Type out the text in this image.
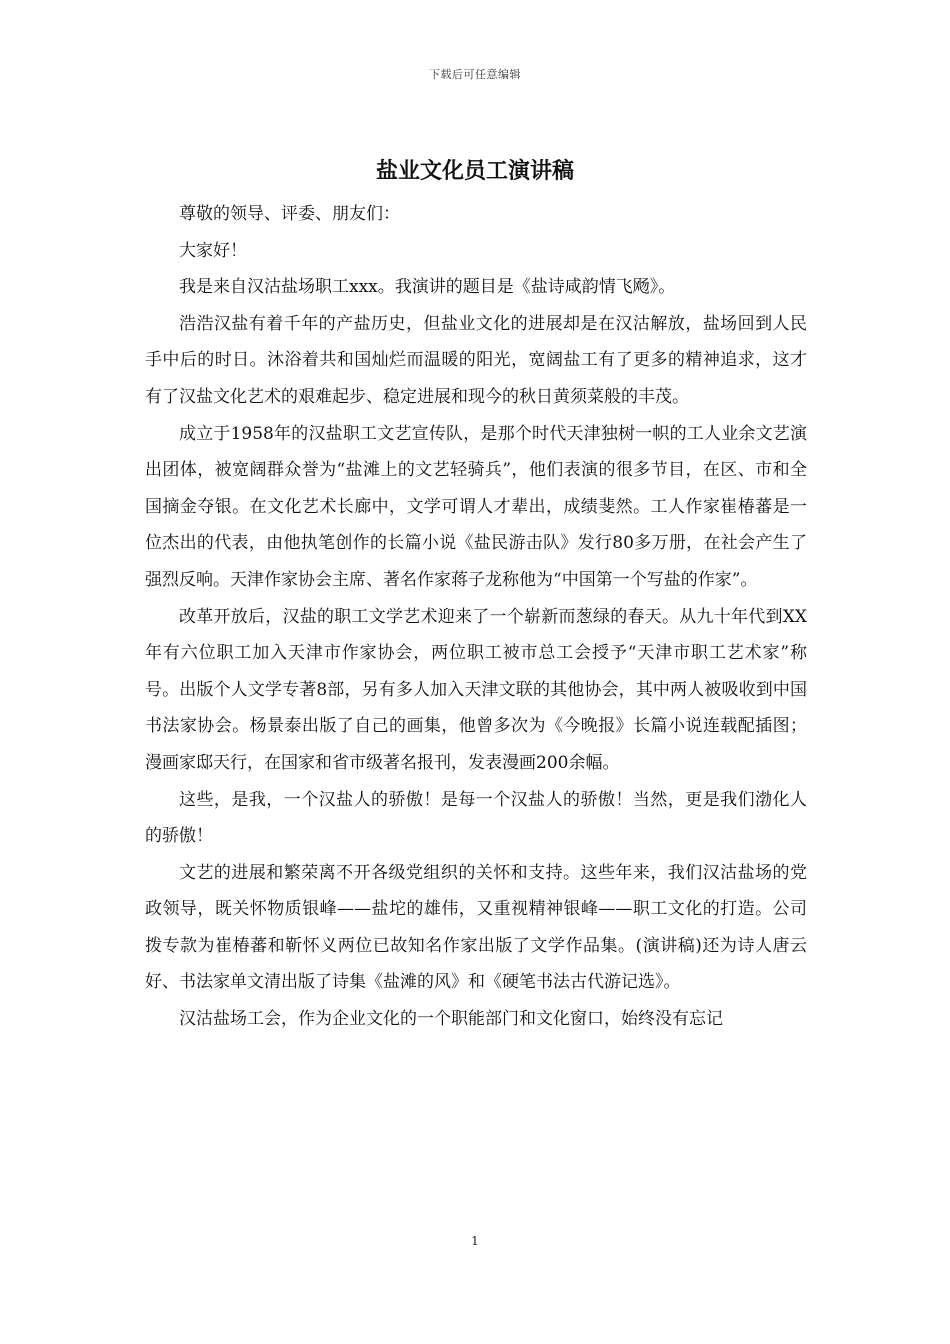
下载后可任意编辑
盐业文化员工演讲稿

尊敬的领导、评委、朋友们：

大家好！

我是来自汉沽盐场职工xxx。我演讲的题目是《盐诗咸韵情飞飏》。

浩浩汉盐有着千年的产盐历史，但盐业文化的进展却是在汉沽解放，盐场回到人民手中后的时日。沐浴着共和国灿烂而温暖的阳光，宽阔盐工有了更多的精神追求，这才有了汉盐文化艺术的艰难起步、稳定进展和现今的秋日黄须菜般的丰茂。

成立于1958年的汉盐职工文艺宣传队，是那个时代天津独树一帜的工人业余文艺演出团体，被宽阔群众誉为“盐滩上的文艺轻骑兵”，他们表演的很多节目，在区、市和全国摘金夺银。在文化艺术长廊中，文学可谓人才辈出，成绩斐然。工人作家崔椿蕃是一位杰出的代表，由他执笔创作的长篇小说《盐民游击队》发行80多万册，在社会产生了强烈反响。天津作家协会主席、著名作家蒋子龙称他为“中国第一个写盐的作家”。

改革开放后，汉盐的职工文学艺术迎来了一个崭新而葱绿的春天。从九十年代到XX年有六位职工加入天津市作家协会，两位职工被市总工会授予“天津市职工艺术家”称号。出版个人文学专著8部，另有多人加入天津文联的其他协会，其中两人被吸收到中国书法家协会。杨景泰出版了自己的画集，他曾多次为《今晚报》长篇小说连载配插图；漫画家邸天行，在国家和省市级著名报刊，发表漫画200余幅。

这些，是我，一个汉盐人的骄傲！是每一个汉盐人的骄傲！当然，更是我们渤化人的骄傲！

文艺的进展和繁荣离不开各级党组织的关怀和支持。这些年来，我们汉沽盐场的党政领导，既关怀物质银峰——盐坨的雄伟，又重视精神银峰——职工文化的打造。公司拨专款为崔椿蕃和靳怀义两位已故知名作家出版了文学作品集。(演讲稿)还为诗人唐云好、书法家单文清出版了诗集《盐滩的风》和《硬笔书法古代游记选》。

汉沽盐场工会，作为企业文化的一个职能部门和文化窗口，始终没有忘记

1
